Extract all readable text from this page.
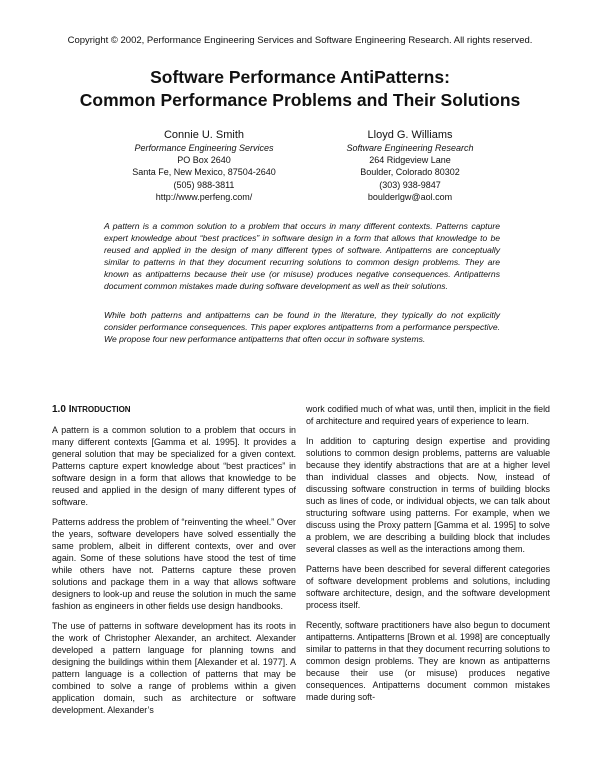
Copyright © 2002, Performance Engineering Services and Software Engineering Research. All rights reserved.
Software Performance AntiPatterns:
Common Performance Problems and Their Solutions
Connie U. Smith
Performance Engineering Services
PO Box 2640
Santa Fe, New Mexico, 87504-2640
(505) 988-3811
http://www.perfeng.com/
Lloyd G. Williams
Software Engineering Research
264 Ridgeview Lane
Boulder, Colorado 80302
(303) 938-9847
boulderlgw@aol.com

A pattern is a common solution to a problem that occurs in many different contexts. Patterns capture expert knowledge about “best practices” in software design in a form that allows that knowledge to be reused and applied in the design of many different types of software. Antipatterns are conceptually similar to patterns in that they document recurring solutions to common design problems. They are known as antipatterns because their use (or misuse) produces negative consequences. Antipatterns document common mistakes made during software development as well as their solutions.

While both patterns and antipatterns can be found in the literature, they typically do not explicitly consider performance consequences. This paper explores antipatterns from a performance perspective. We propose four new performance antipatterns that often occur in software systems.

1.0 INTRODUCTION

A pattern is a common solution to a problem that occurs in many different contexts [Gamma et al. 1995]. It provides a general solution that may be specialized for a given context. Patterns capture expert knowledge about “best practices” in software design in a form that allows that knowledge to be reused and applied in the design of many different types of software.

Patterns address the problem of “reinventing the wheel.” Over the years, software developers have solved essentially the same problem, albeit in different contexts, over and over again. Some of these solutions have stood the test of time while others have not. Patterns capture these proven solutions and package them in a way that allows software designers to look-up and reuse the solution in much the same fashion as engineers in other fields use design handbooks.

The use of patterns in software development has its roots in the work of Christopher Alexander, an architect. Alexander developed a pattern language for planning towns and designing the buildings within them [Alexander et al. 1977]. A pattern language is a collection of patterns that may be combined to solve a range of problems within a given application domain, such as architecture or software development. Alexander’s

work codified much of what was, until then, implicit in the field of architecture and required years of experience to learn.

In addition to capturing design expertise and providing solutions to common design problems, patterns are valuable because they identify abstractions that are at a higher level than individual classes and objects. Now, instead of discussing software construction in terms of building blocks such as lines of code, or individual objects, we can talk about structuring software using patterns. For example, when we discuss using the Proxy pattern [Gamma et al. 1995] to solve a problem, we are describing a building block that includes several classes as well as the interactions among them.

Patterns have been described for several different categories of software development problems and solutions, including software architecture, design, and the software development process itself.

Recently, software practitioners have also begun to document antipatterns. Antipatterns [Brown et al. 1998] are conceptually similar to patterns in that they document recurring solutions to common design problems. They are known as antipatterns because their use (or misuse) produces negative consequences. Antipatterns document common mistakes made during soft-
